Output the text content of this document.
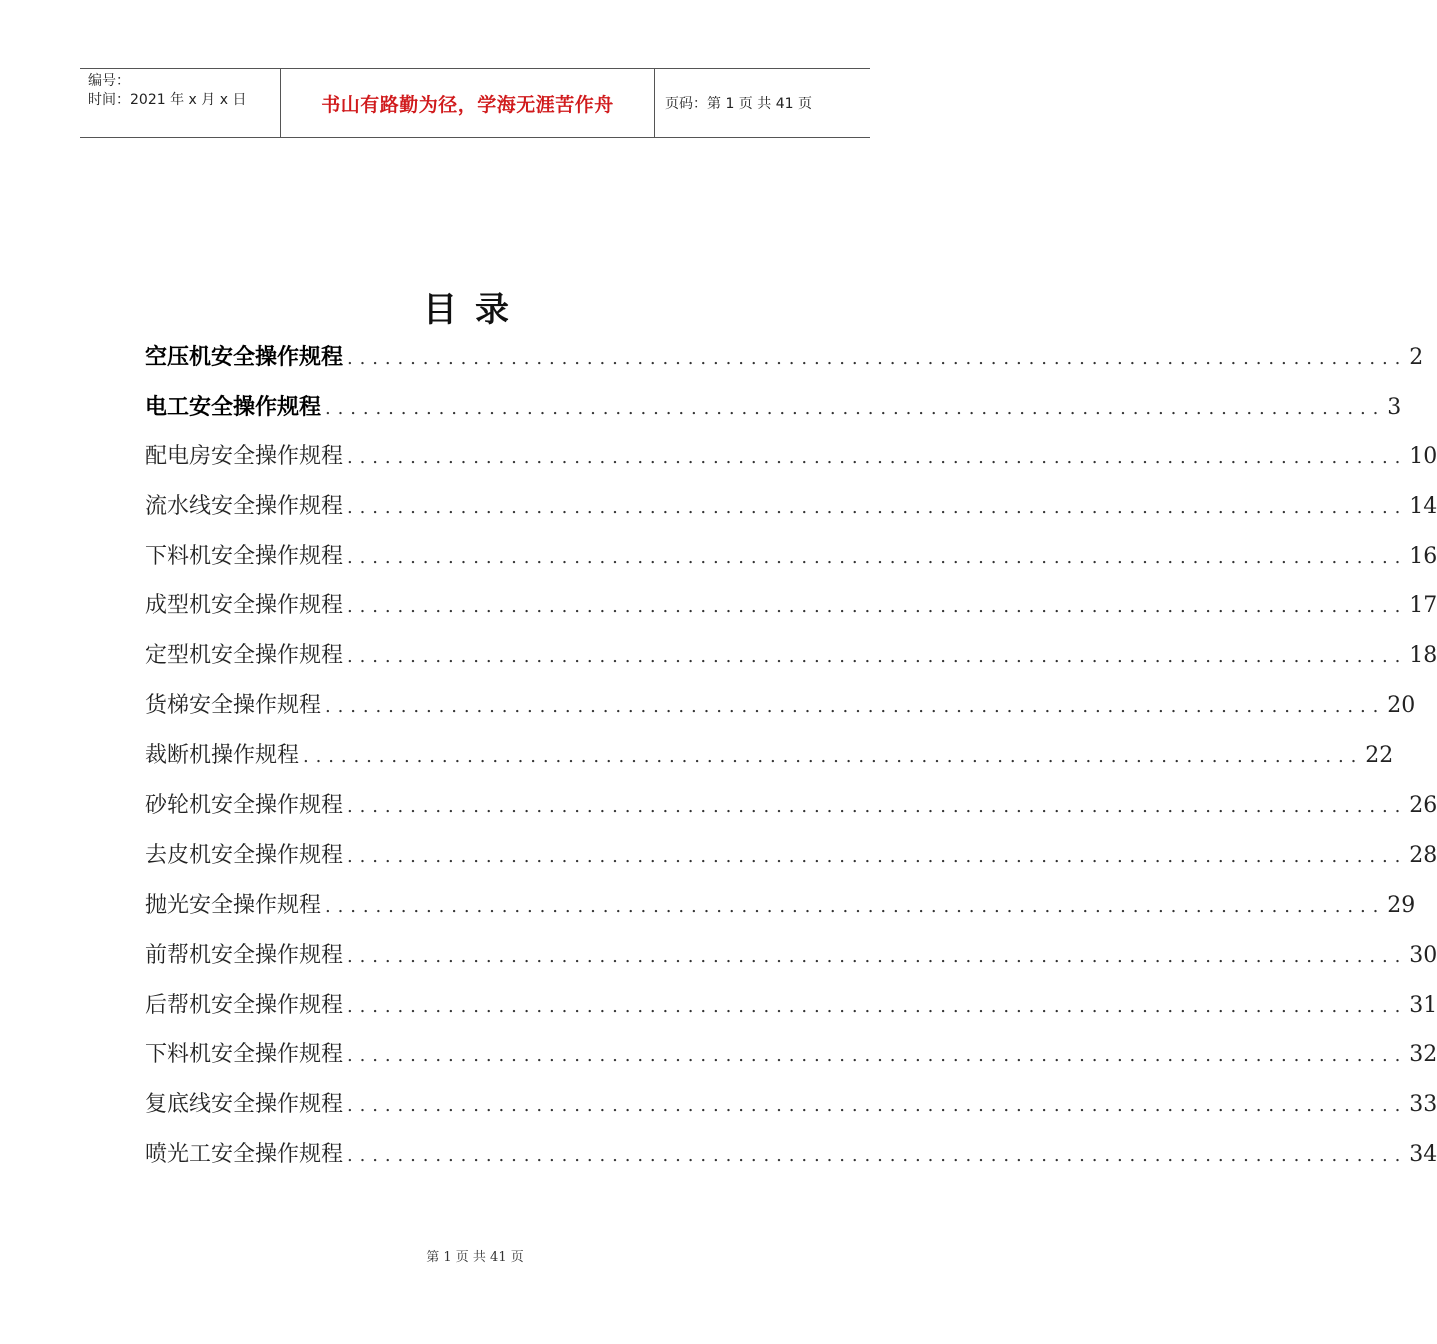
编号：
时间：2021 年 x 月 x 日	书山有路勤为径，学海无涯苦作舟	页码：第 1 页 共 41 页
目录
空压机安全操作规程 .................................................................................... 2
电工安全操作规程 .................................................................................... 3
配电房安全操作规程 .................................................................................... 10
流水线安全操作规程 .................................................................................... 14
下料机安全操作规程 .................................................................................... 16
成型机安全操作规程 .................................................................................... 17
定型机安全操作规程 .................................................................................... 18
货梯安全操作规程 .................................................................................... 20
裁断机操作规程 .................................................................................... 22
砂轮机安全操作规程 .................................................................................... 26
去皮机安全操作规程 .................................................................................... 28
抛光安全操作规程 .................................................................................... 29
前帮机安全操作规程 .................................................................................... 30
后帮机安全操作规程 .................................................................................... 31
下料机安全操作规程 .................................................................................... 32
复底线安全操作规程 .................................................................................... 33
喷光工安全操作规程 .................................................................................... 34
第 1 页 共 41 页
